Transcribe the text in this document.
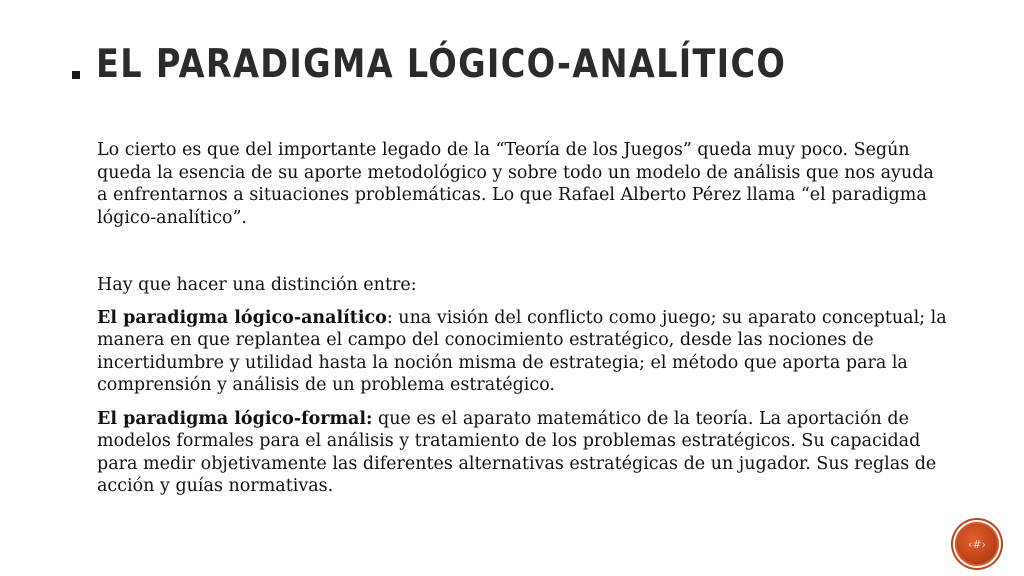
EL PARADIGMA LÓGICO-ANALÍTICO

Lo cierto es que del importante legado de la “Teoría de los Juegos” queda muy poco. Según queda la esencia de su aporte metodológico y sobre todo un modelo de análisis que nos ayuda a enfrentarnos a situaciones problemáticas. Lo que Rafael Alberto Pérez llama “el paradigma lógico-analítico”.

Hay que hacer una distinción entre:

El paradigma lógico-analítico: una visión del conflicto como juego; su aparato conceptual; la manera en que replantea el campo del conocimiento estratégico, desde las nociones de incertidumbre y utilidad hasta la noción misma de estrategia; el método que aporta para la comprensión y análisis de un problema estratégico.

El paradigma lógico-formal: que es el aparato matemático de la teoría. La aportación de modelos formales para el análisis y tratamiento de los problemas estratégicos. Su capacidad para medir objetivamente las diferentes alternativas estratégicas de un jugador. Sus reglas de acción y guías normativas.

‹#›
